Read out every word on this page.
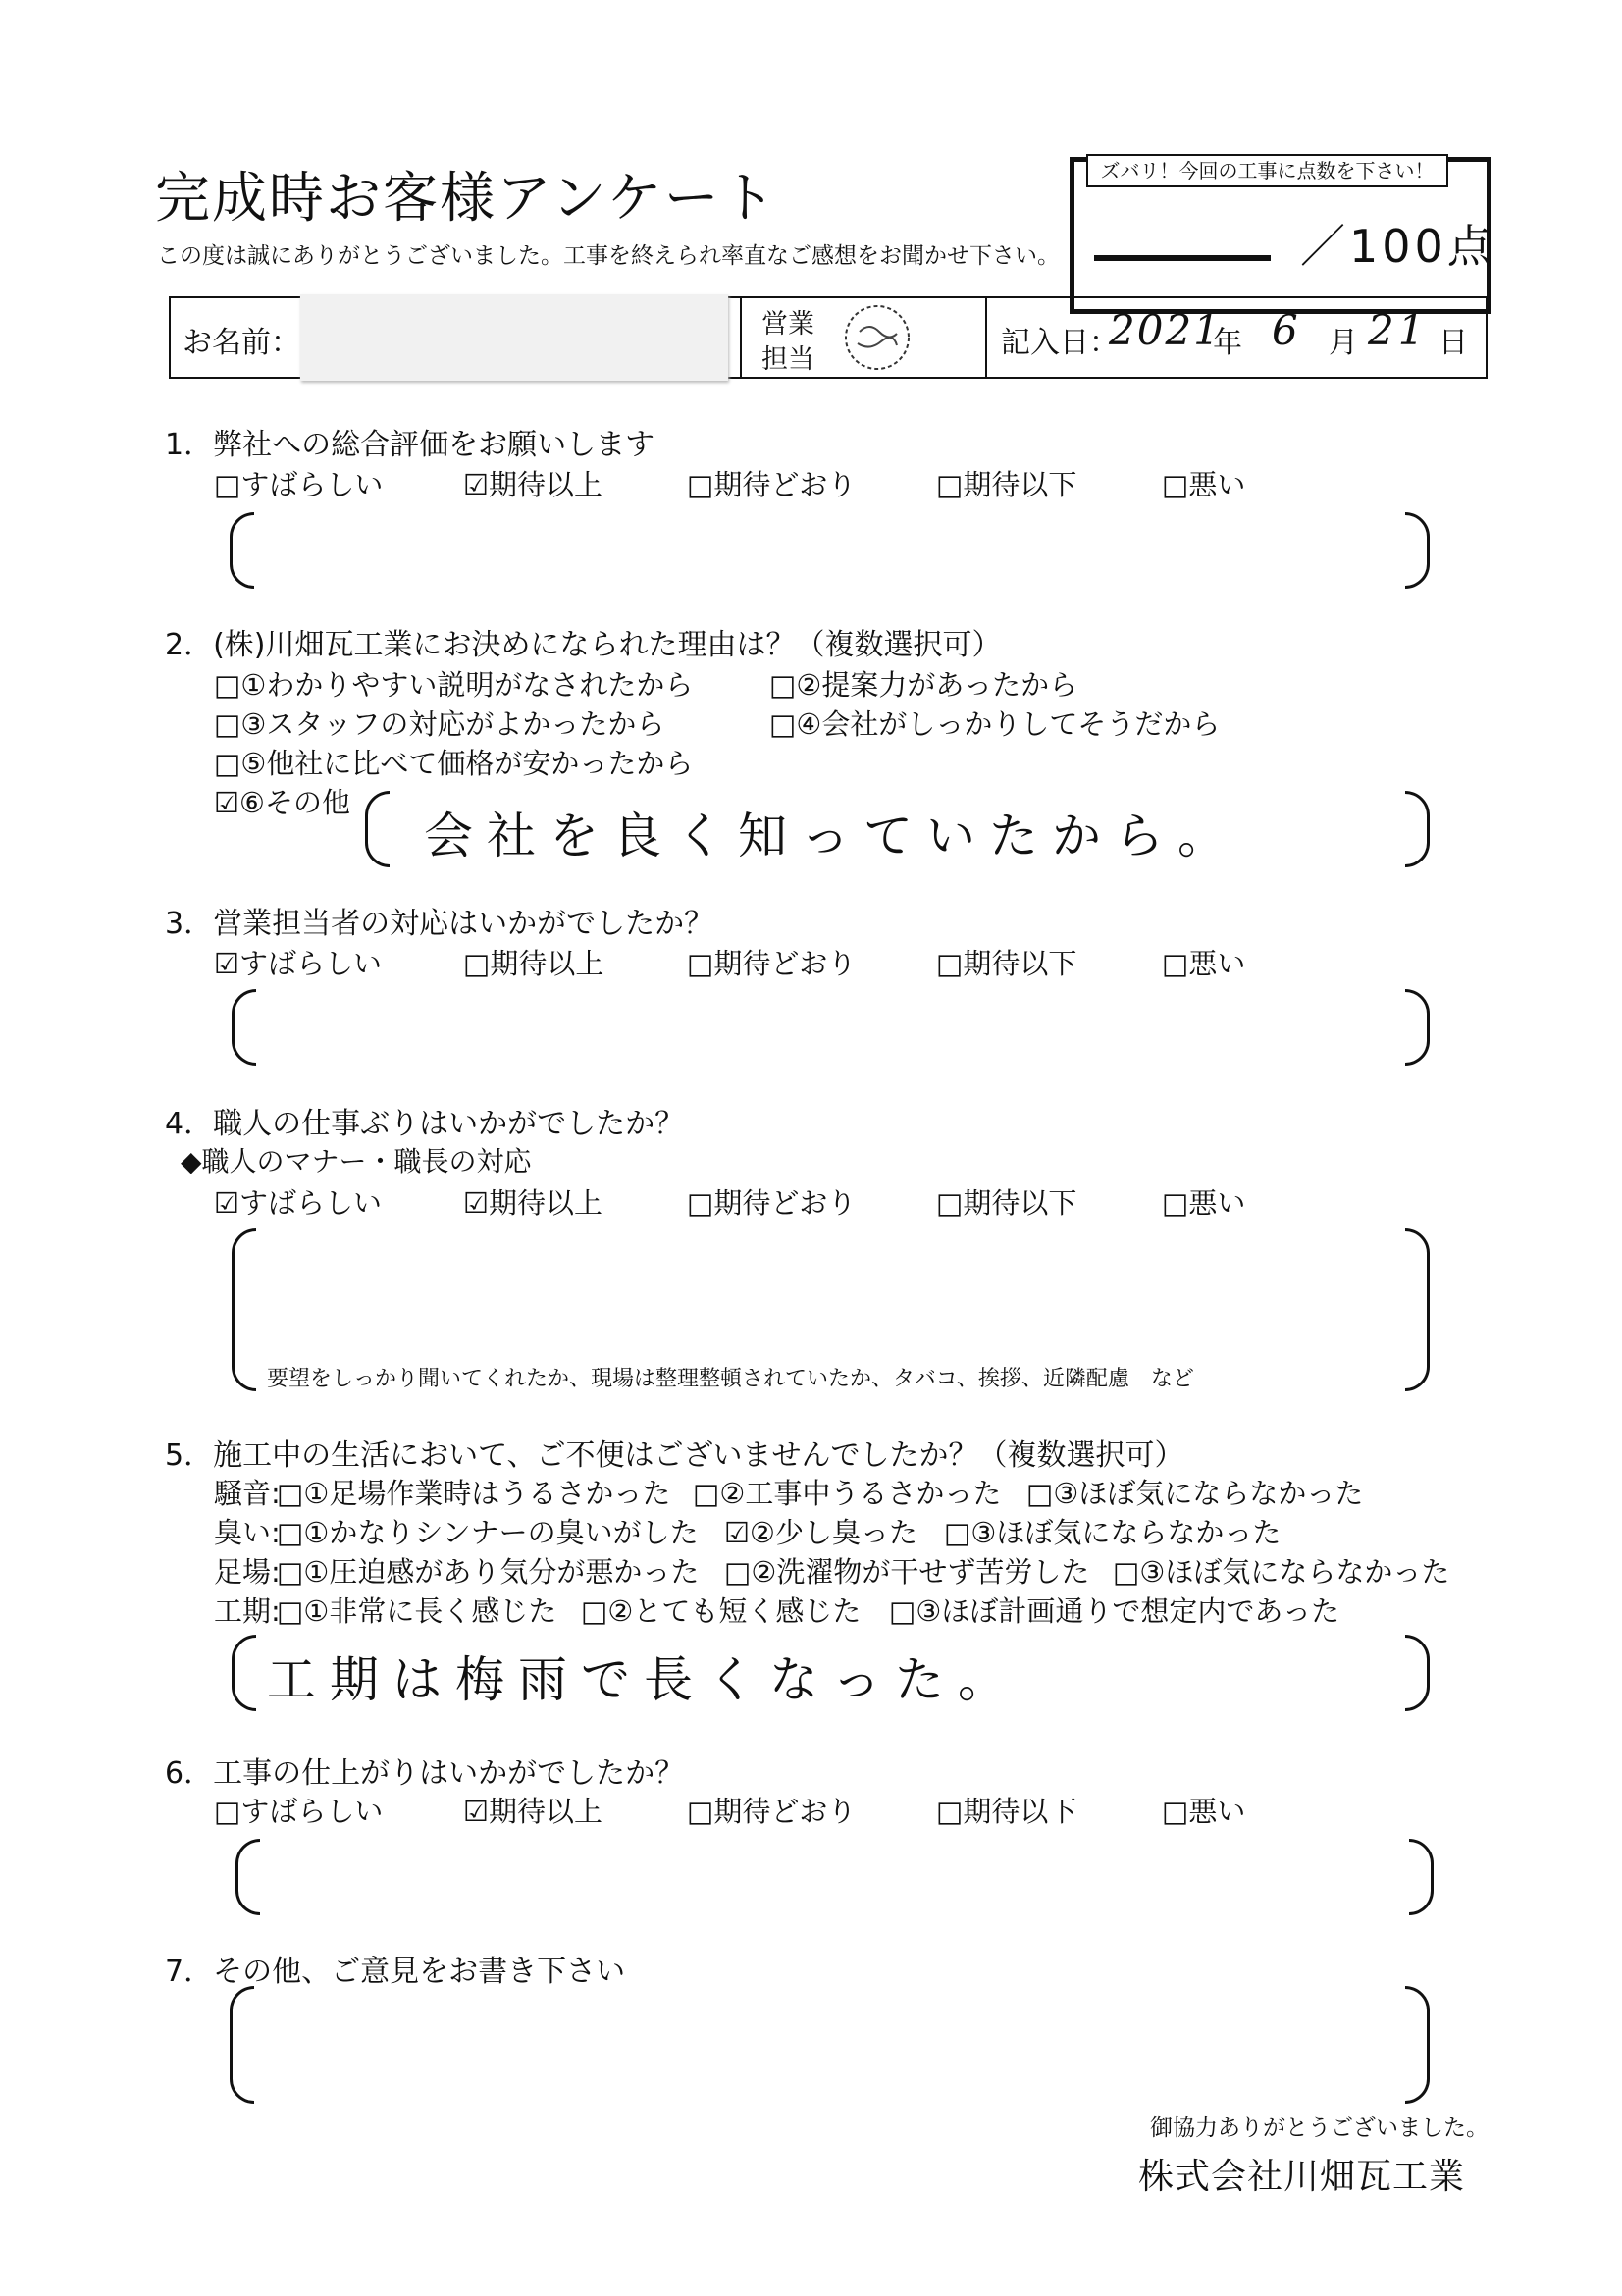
完成時お客様アンケート
この度は誠にありがとうございました。工事を終えられ率直なご感想をお聞かせ下さい。
ズバリ！今回の工事に点数を下さい！
／100点
お名前：
営業
担当	記入日：
2021
年 6 月 21 日
1．弊社への総合評価をお願いします
□すばらしい	☑期待以上	□期待どおり	□期待以下	□悪い
2．(株)川畑瓦工業にお決めになられた理由は？（複数選択可）
□①わかりやすい説明がなされたから	□②提案力があったから
□③スタッフの対応がよかったから	□④会社がしっかりしてそうだから
□⑤他社に比べて価格が安かったから
☑⑥その他
会社を良く知っていたから。
3．営業担当者の対応はいかがでしたか？
☑すばらしい	□期待以上	□期待どおり	□期待以下	□悪い
4．職人の仕事ぶりはいかがでしたか？
◆職人のマナー・職長の対応
☑すばらしい	☑期待以上	□期待どおり	□期待以下	□悪い
要望をしっかり聞いてくれたか、現場は整理整頓されていたか、タバコ、挨拶、近隣配慮　など
5．施工中の生活において、ご不便はございませんでしたか？（複数選択可）
騒音:
□①足場作業時はうるさかった □②工事中うるさかった □③ほぼ気にならなかった
臭い:
□①かなりシンナーの臭いがした ☑②少し臭った □③ほぼ気にならなかった
足場:
□①圧迫感があり気分が悪かった □②洗濯物が干せず苦労した □③ほぼ気にならなかった
工期:
□①非常に長く感じた □②とても短く感じた □③ほぼ計画通りで想定内であった
工期は梅雨で長くなった。
6．工事の仕上がりはいかがでしたか？
□すばらしい	☑期待以上	□期待どおり	□期待以下	□悪い
7．その他、ご意見をお書き下さい
御協力ありがとうございました。
株式会社川畑瓦工業
